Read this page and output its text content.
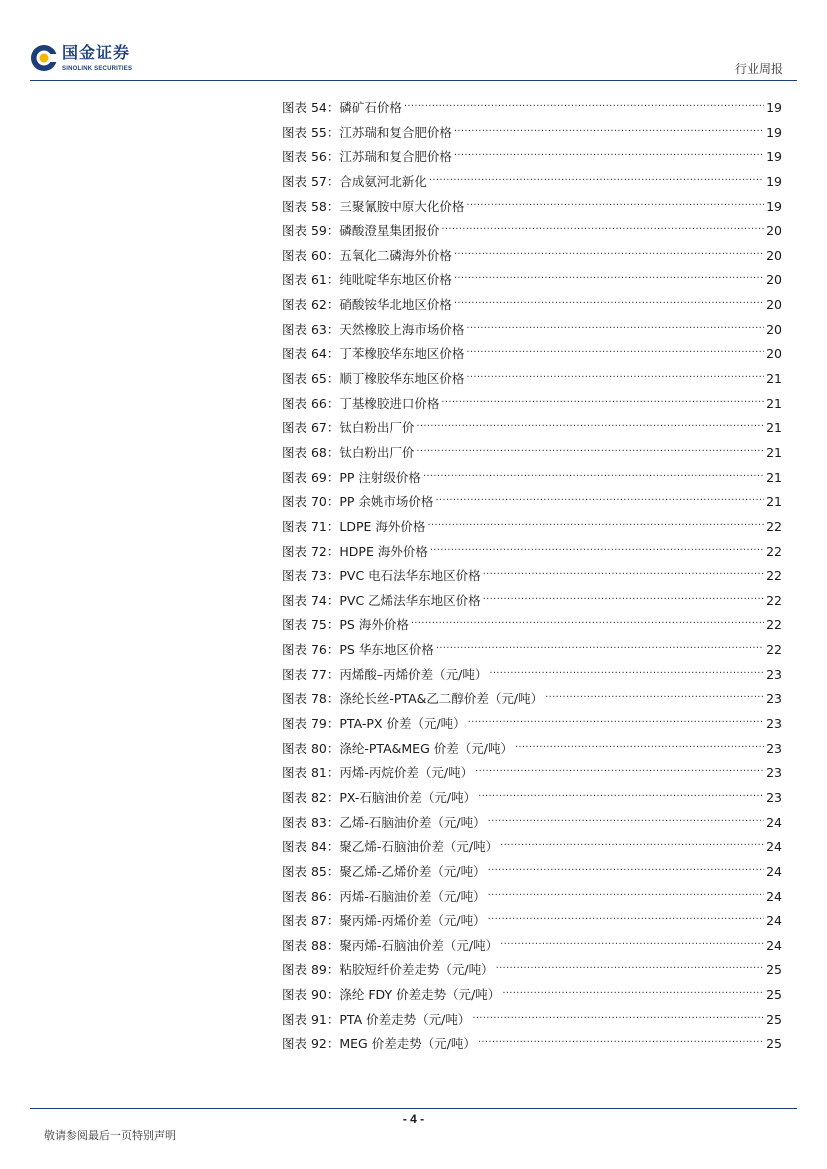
国金证券
SINOLINK SECURITIES	行业周报
图表 54：磷矿石价格 .....	19
图表 55：江苏瑞和复合肥价格 .....	19
图表 56：江苏瑞和复合肥价格 .....	19
图表 57：合成氨河北新化 .....	19
图表 58：三聚氰胺中原大化价格 .....	19
图表 59：磷酸澄星集团报价 .....	20
图表 60：五氧化二磷海外价格 .....	20
图表 61：纯吡啶华东地区价格 .....	20
图表 62：硝酸铵华北地区价格 .....	20
图表 63：天然橡胶上海市场价格 .....	20
图表 64：丁苯橡胶华东地区价格 .....	20
图表 65：顺丁橡胶华东地区价格 .....	21
图表 66：丁基橡胶进口价格 .....	21
图表 67：钛白粉出厂价 .....	21
图表 68：钛白粉出厂价 .....	21
图表 69：PP 注射级价格 .....	21
图表 70：PP 余姚市场价格 .....	21
图表 71：LDPE 海外价格 .....	22
图表 72：HDPE 海外价格 .....	22
图表 73：PVC 电石法华东地区价格 .....	22
图表 74：PVC 乙烯法华东地区价格 .....	22
图表 75：PS 海外价格 .....	22
图表 76：PS 华东地区价格 .....	22
图表 77：丙烯酸–丙烯价差（元/吨） .....	23
图表 78：涤纶长丝-PTA&乙二醇价差（元/吨） .....	23
图表 79：PTA-PX 价差（元/吨） .....	23
图表 80：涤纶-PTA&MEG 价差（元/吨） .....	23
图表 81：丙烯-丙烷价差（元/吨） .....	23
图表 82：PX-石脑油价差（元/吨） .....	23
图表 83：乙烯-石脑油价差（元/吨） .....	24
图表 84：聚乙烯-石脑油价差（元/吨） .....	24
图表 85：聚乙烯-乙烯价差（元/吨） .....	24
图表 86：丙烯-石脑油价差（元/吨） .....	24
图表 87：聚丙烯-丙烯价差（元/吨） .....	24
图表 88：聚丙烯-石脑油价差（元/吨） .....	24
图表 89：粘胶短纤价差走势（元/吨） .....	25
图表 90：涤纶 FDY 价差走势（元/吨） .....	25
图表 91：PTA 价差走势（元/吨） .....	25
图表 92：MEG 价差走势（元/吨） .....	25
- 4 -
敬请参阅最后一页特别声明
